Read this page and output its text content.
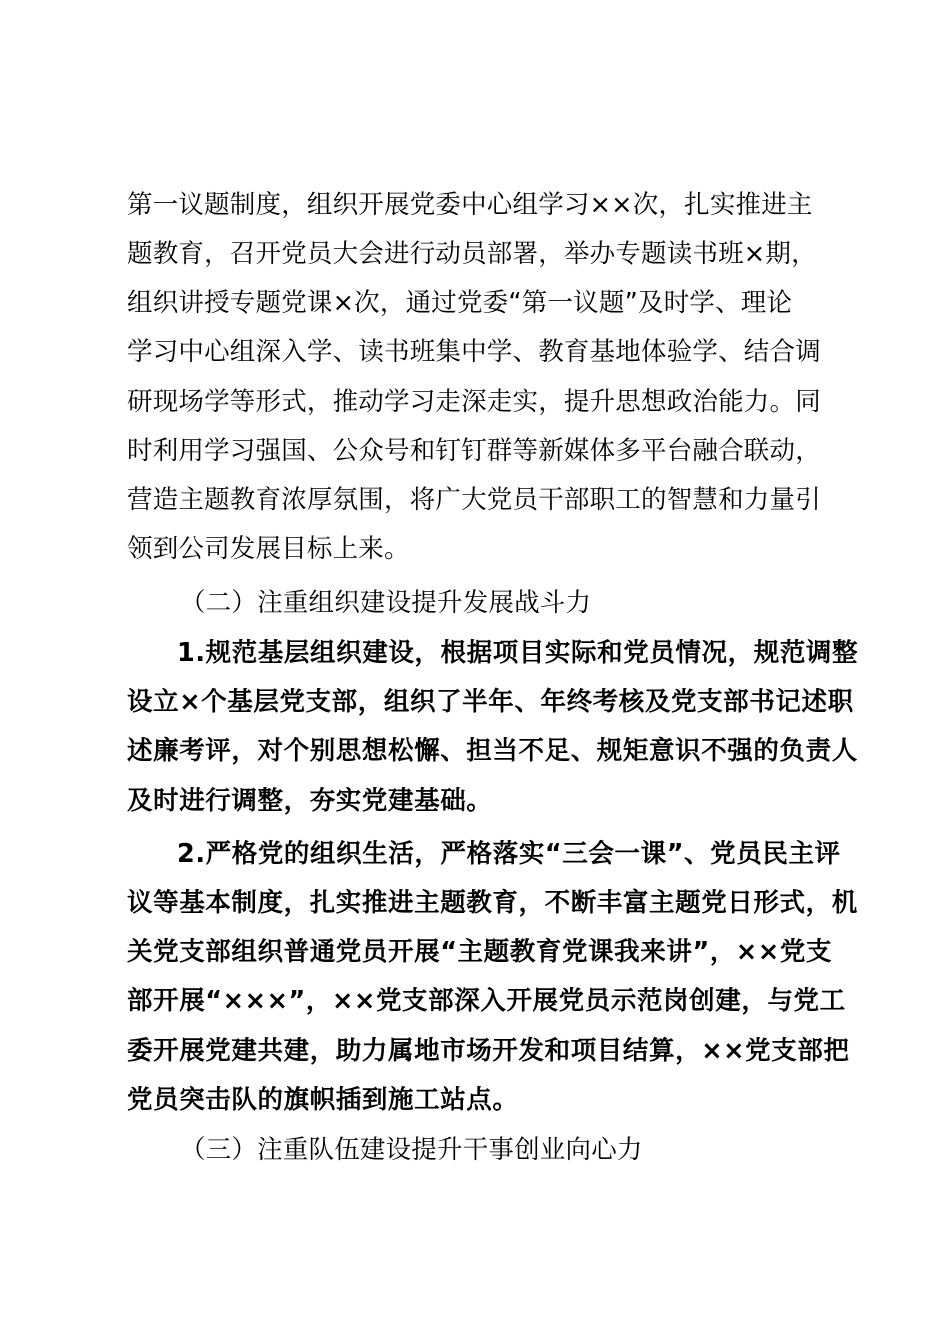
第一议题制度，组织开展党委中心组学习××次，扎实推进主
题教育，召开党员大会进行动员部署，举办专题读书班×期，
组织讲授专题党课×次，通过党委“第一议题”及时学、理论
学习中心组深入学、读书班集中学、教育基地体验学、结合调
研现场学等形式，推动学习走深走实，提升思想政治能力。同
时利用学习强国、公众号和钉钉群等新媒体多平台融合联动，
营造主题教育浓厚氛围，将广大党员干部职工的智慧和力量引
领到公司发展目标上来。
（二）注重组织建设提升发展战斗力
1.规范基层组织建设，根据项目实际和党员情况，规范调整
设立×个基层党支部，组织了半年、年终考核及党支部书记述职
述廉考评，对个别思想松懈、担当不足、规矩意识不强的负责人
及时进行调整，夯实党建基础。
2.严格党的组织生活，严格落实“三会一课”、党员民主评
议等基本制度，扎实推进主题教育，不断丰富主题党日形式，机
关党支部组织普通党员开展“主题教育党课我来讲”，××党支
部开展“×××”，××党支部深入开展党员示范岗创建，与党工
委开展党建共建，助力属地市场开发和项目结算，××党支部把
党员突击队的旗帜插到施工站点。
（三）注重队伍建设提升干事创业向心力
